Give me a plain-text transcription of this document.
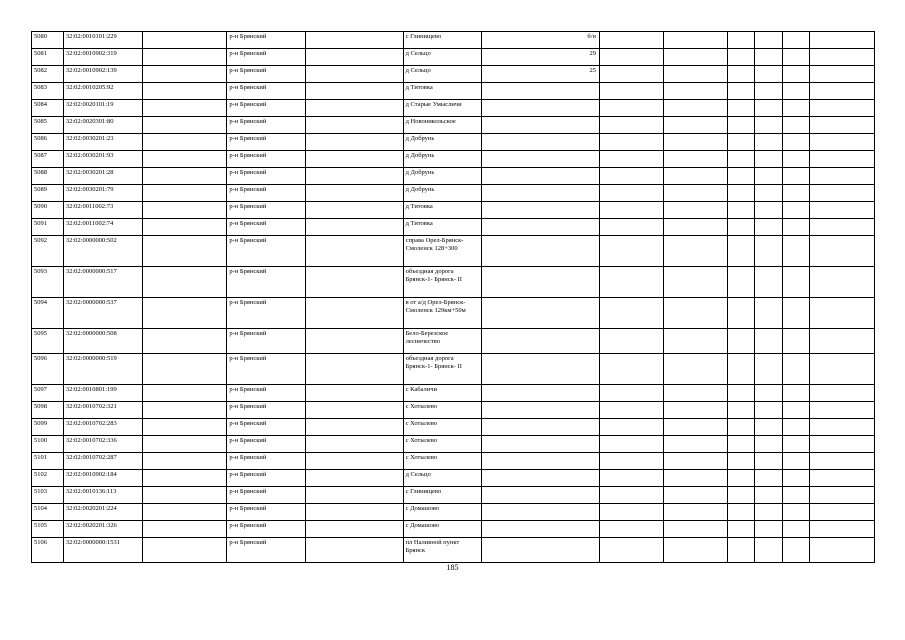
5080	32:02:0010101:229		р-н Брянский		с Глинищево	б/н						
5081	32:02:0010902:319		р-н Брянский		д Сельцо	29						
5082	32:02:0010902:139		р-н Брянский		д Сельцо	25						
5083	32:02:0010205:92		р-н Брянский		д Титовка							
5084	32:02:0020101:19		р-н Брянский		д Старые Умысличи							
5085	32:02:0020301:80		р-н Брянский		д Новоникольское							
5086	32:02:0030201:23		р-н Брянский		д Добрунь							
5087	32:02:0030201:93		р-н Брянский		д Добрунь							
5088	32:02:0030201:28		р-н Брянский		д Добрунь							
5089	32:02:0030201:79		р-н Брянский		д Добрунь							
5090	32:02:0011002:73		р-н Брянский		д Титовка							
5091	32:02:0011002:74		р-н Брянский		д Титовка							
5092	32:02:0000000:502		р-н Брянский		справа Орел-Брянск-Смоленск 128+300							
5093	32:02:0000000:517		р-н Брянский		объездная дорога Брянск-1- Брянск- II							
5094	32:02:0000000:537		р-н Брянский		в от а/д Орел-Брянск-Смоленск 129км+50м							
5095	32:02:0000000:508		р-н Брянский		Бело-Березское лесничество							
5096	32:02:0000000:519		р-н Брянский		объездная дорога Брянск-1- Брянск- II							
5097	32:02:0010801:199		р-н Брянский		с Кабаличи							
5098	32:02:0010702:321		р-н Брянский		с Хотылево							
5099	32:02:0010702:283		р-н Брянский		с Хотылево							
5100	32:02:0010702:336		р-н Брянский		с Хотылево							
5101	32:02:0010702:287		р-н Брянский		с Хотылево							
5102	32:02:0010902:184		р-н Брянский		д Сельцо							
5103	32:02:0010136:113		р-н Брянский		с Глинищево							
5104	32:02:0020201:224		р-н Брянский		с Домашово							
5105	32:02:0020201:326		р-н Брянский		с Домашово							
5106	32:02:0000000:1531		р-н Брянский		пл Наливной пункт Брянск							
185
